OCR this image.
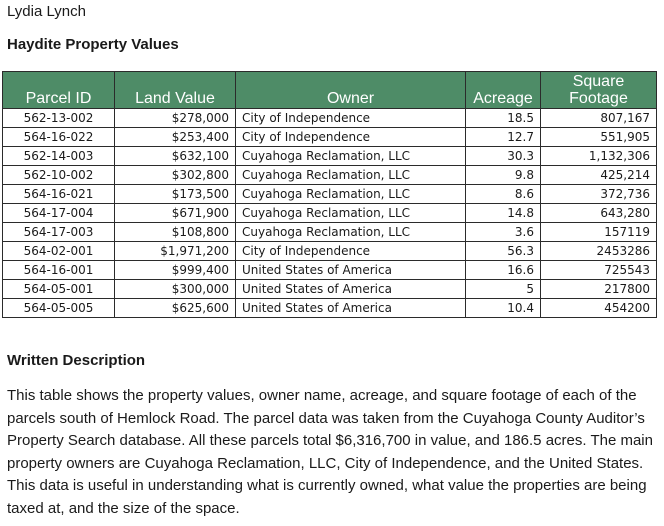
Lydia Lynch
Haydite Property Values
Parcel ID	Land Value	Owner	Acreage	Square Footage
562-13-002	$278,000	City of Independence	18.5	807,167
564-16-022	$253,400	City of Independence	12.7	551,905
562-14-003	$632,100	Cuyahoga Reclamation, LLC	30.3	1,132,306
562-10-002	$302,800	Cuyahoga Reclamation, LLC	9.8	425,214
564-16-021	$173,500	Cuyahoga Reclamation, LLC	8.6	372,736
564-17-004	$671,900	Cuyahoga Reclamation, LLC	14.8	643,280
564-17-003	$108,800	Cuyahoga Reclamation, LLC	3.6	157119
564-02-001	$1,971,200	City of Independence	56.3	2453286
564-16-001	$999,400	United States of America	16.6	725543
564-05-001	$300,000	United States of America	5	217800
564-05-005	$625,600	United States of America	10.4	454200
Written Description

This table shows the property values, owner name, acreage, and square footage of each of the parcels south of Hemlock Road. The parcel data was taken from the Cuyahoga County Auditor’s Property Search database. All these parcels total $6,316,700 in value, and 186.5 acres. The main property owners are Cuyahoga Reclamation, LLC, City of Independence, and the United States. This data is useful in understanding what is currently owned, what value the properties are being taxed at, and the size of the space.
